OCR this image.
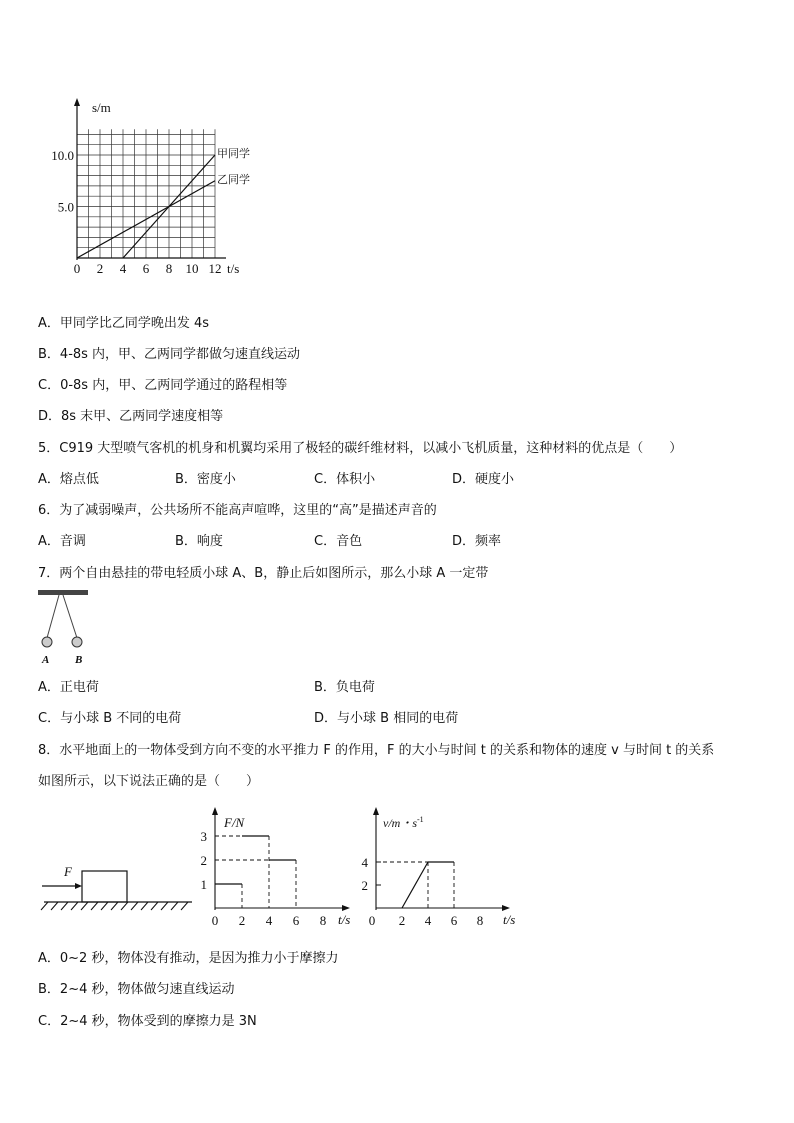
s/m
t/s
0 2 4 6 8 10 12
5.0
10.0	甲同学
乙同学
A．甲同学比乙同学晚出发 4s
B．4-8s 内，甲、乙两同学都做匀速直线运动
C．0-8s 内，甲、乙两同学通过的路程相等
D．8s 末甲、乙两同学速度相等
5．C919 大型喷气客机的机身和机翼均采用了极轻的碳纤维材料，以减小飞机质量，这种材料的优点是（　　）
A．熔点低	B．密度小	C．体积小	D．硬度小
6．为了减弱噪声，公共场所不能高声喧哗，这里的“高”是描述声音的
A．音调	B．响度	C．音色	D．频率
7．两个自由悬挂的带电轻质小球 A、B，静止后如图所示，那么小球 A 一定带
A B
A．正电荷	B．负电荷
C．与小球 B 不同的电荷	D．与小球 B 相同的电荷
8．水平地面上的一物体受到方向不变的水平推力 F 的作用，F 的大小与时间 t 的关系和物体的速度 v 与时间 t 的关系
如图所示，以下说法正确的是（　　）
F
F/N
t/s
0 2 4 6 8
1
2
3
v/m・$s^{-1}$
t/s
0 2 4 6 8
2
4
A．0~2 秒，物体没有推动，是因为推力小于摩擦力
B．2~4 秒，物体做匀速直线运动
C．2~4 秒，物体受到的摩擦力是 3N
